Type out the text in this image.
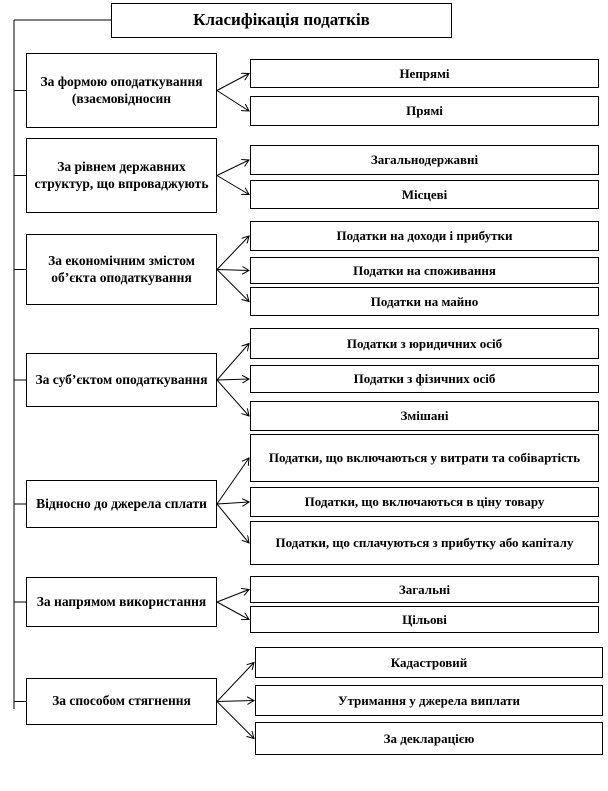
Класифікація податків
За формою оподаткування (взаємовідносин
Непрямі
Прямі
За рівнем державних структур, що впроваджують
Загальнодержавні
Місцеві
За економічним змістом об’єкта оподаткування
Податки на доходи і прибутки
Податки на споживання
Податки на майно
За суб’єктом оподаткування
Податки з юридичних осіб
Податки з фізичних осіб
Змішані
Відносно до джерела сплати
Податки, що включаються у витрати та собівартість
Податки, що включаються в ціну товару
Податки, що сплачуються з прибутку або капіталу
За напрямом використання
Загальні
Цільові
За способом стягнення
Кадастровий
Утримання у джерела виплати
За декларацією
